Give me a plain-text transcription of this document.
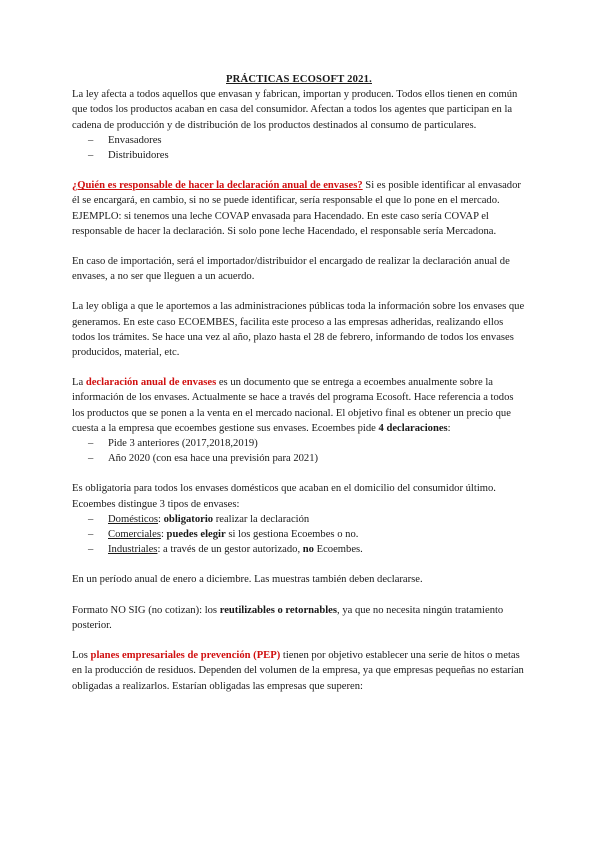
PRÁCTICAS ECOSOFT 2021.

La ley afecta a todos aquellos que envasan y fabrican, importan y producen. Todos ellos tienen en común que todos los productos acaban en casa del consumidor. Afectan a todos los agentes que participan en la cadena de producción y de distribución de los productos destinados al consumo de particulares.

– Envasadores
– Distribuidores

¿Quién es responsable de hacer la declaración anual de envases? Si es posible identificar al envasador él se encargará, en cambio, si no se puede identificar, sería responsable el que lo pone en el mercado. EJEMPLO: si tenemos una leche COVAP envasada para Hacendado. En este caso sería COVAP el responsable de hacer la declaración. Si solo pone leche Hacendado, el responsable sería Mercadona.

En caso de importación, será el importador/distribuidor el encargado de realizar la declaración anual de envases, a no ser que lleguen a un acuerdo.

La ley obliga a que le aportemos a las administraciones públicas toda la información sobre los envases que generamos. En este caso ECOEMBES, facilita este proceso a las empresas adheridas, realizando ellos todos los trámites. Se hace una vez al año, plazo hasta el 28 de febrero, informando de todos los envases producidos, material, etc.

La declaración anual de envases es un documento que se entrega a ecoembes anualmente sobre la información de los envases. Actualmente se hace a través del programa Ecosoft. Hace referencia a todos los productos que se ponen a la venta en el mercado nacional. El objetivo final es obtener un precio que cuesta a la empresa que ecoembes gestione sus envases. Ecoembes pide 4 declaraciones:

– Pide 3 anteriores (2017,2018,2019)
– Año 2020 (con esa hace una previsión para 2021)

Es obligatoria para todos los envases domésticos que acaban en el domicilio del consumidor último. Ecoembes distingue 3 tipos de envases:

– Domésticos: obligatorio realizar la declaración
– Comerciales: puedes elegir si los gestiona Ecoembes o no.
– Industriales: a través de un gestor autorizado, no Ecoembes.

En un período anual de enero a diciembre. Las muestras también deben declararse.

Formato NO SIG (no cotizan): los reutilizables o retornables, ya que no necesita ningún tratamiento posterior.

Los planes empresariales de prevención (PEP) tienen por objetivo establecer una serie de hitos o metas en la producción de residuos. Dependen del volumen de la empresa, ya que empresas pequeñas no estarían obligadas a realizarlos. Estarían obligadas las empresas que superen:
